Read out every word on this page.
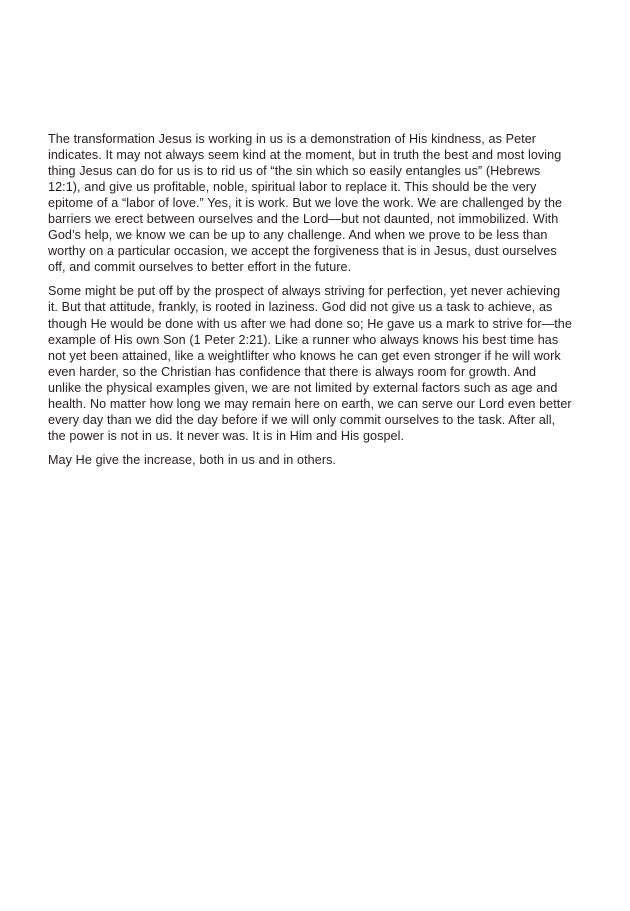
The transformation Jesus is working in us is a demonstration of His kindness, as Peter indicates. It may not always seem kind at the moment, but in truth the best and most loving thing Jesus can do for us is to rid us of “the sin which so easily entangles us” (Hebrews 12:1), and give us profitable, noble, spiritual labor to replace it. This should be the very epitome of a “labor of love.” Yes, it is work. But we love the work. We are challenged by the barriers we erect between ourselves and the Lord—but not daunted, not immobilized. With God’s help, we know we can be up to any challenge. And when we prove to be less than worthy on a particular occasion, we accept the forgiveness that is in Jesus, dust ourselves off, and commit ourselves to better effort in the future.

Some might be put off by the prospect of always striving for perfection, yet never achieving it. But that attitude, frankly, is rooted in laziness. God did not give us a task to achieve, as though He would be done with us after we had done so; He gave us a mark to strive for—the example of His own Son (1 Peter 2:21). Like a runner who always knows his best time has not yet been attained, like a weightlifter who knows he can get even stronger if he will work even harder, so the Christian has confidence that there is always room for growth. And unlike the physical examples given, we are not limited by external factors such as age and health. No matter how long we may remain here on earth, we can serve our Lord even better every day than we did the day before if we will only commit ourselves to the task. After all, the power is not in us. It never was. It is in Him and His gospel.

May He give the increase, both in us and in others.
